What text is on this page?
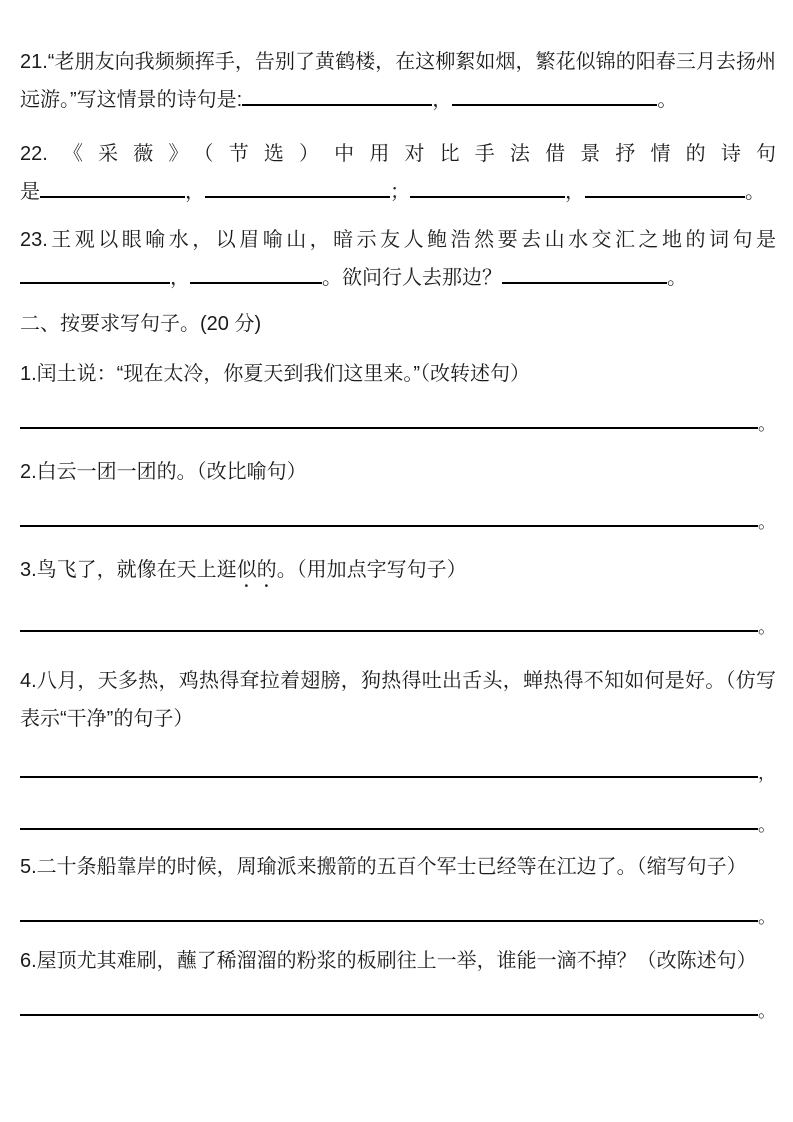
21.“老朋友向我频频挥手，告别了黄鹤楼，在这柳絮如烟，繁花似锦的阳春三月去扬州远游。”写这情景的诗句是:	，	。

22.《采薇》（节选）中用对比手法借景抒情的诗句

是	，	；	，	。

23.王观以眼喻水，以眉喻山，暗示友人鲍浩然要去山水交汇之地的词句是，	。欲问行人去那边？	。

二、按要求写句子。(20 分)

1.闰土说：“现在太冷，你夏天到我们这里来。”（改转述句）

。

2.白云一团一团的。（改比喻句）

。

3.鸟飞了，就像在天上逛似的。（用加点字写句子）

。

4.八月，天多热，鸡热得耷拉着翅膀，狗热得吐出舌头，蝉热得不知如何是好。（仿写表示“干净”的句子）

，
。

5.二十条船靠岸的时候，周瑜派来搬箭的五百个军士已经等在江边了。（缩写句子）

。

6.屋顶尤其难刷，蘸了稀溜溜的粉浆的板刷往上一举，谁能一滴不掉？（改陈述句）

。
